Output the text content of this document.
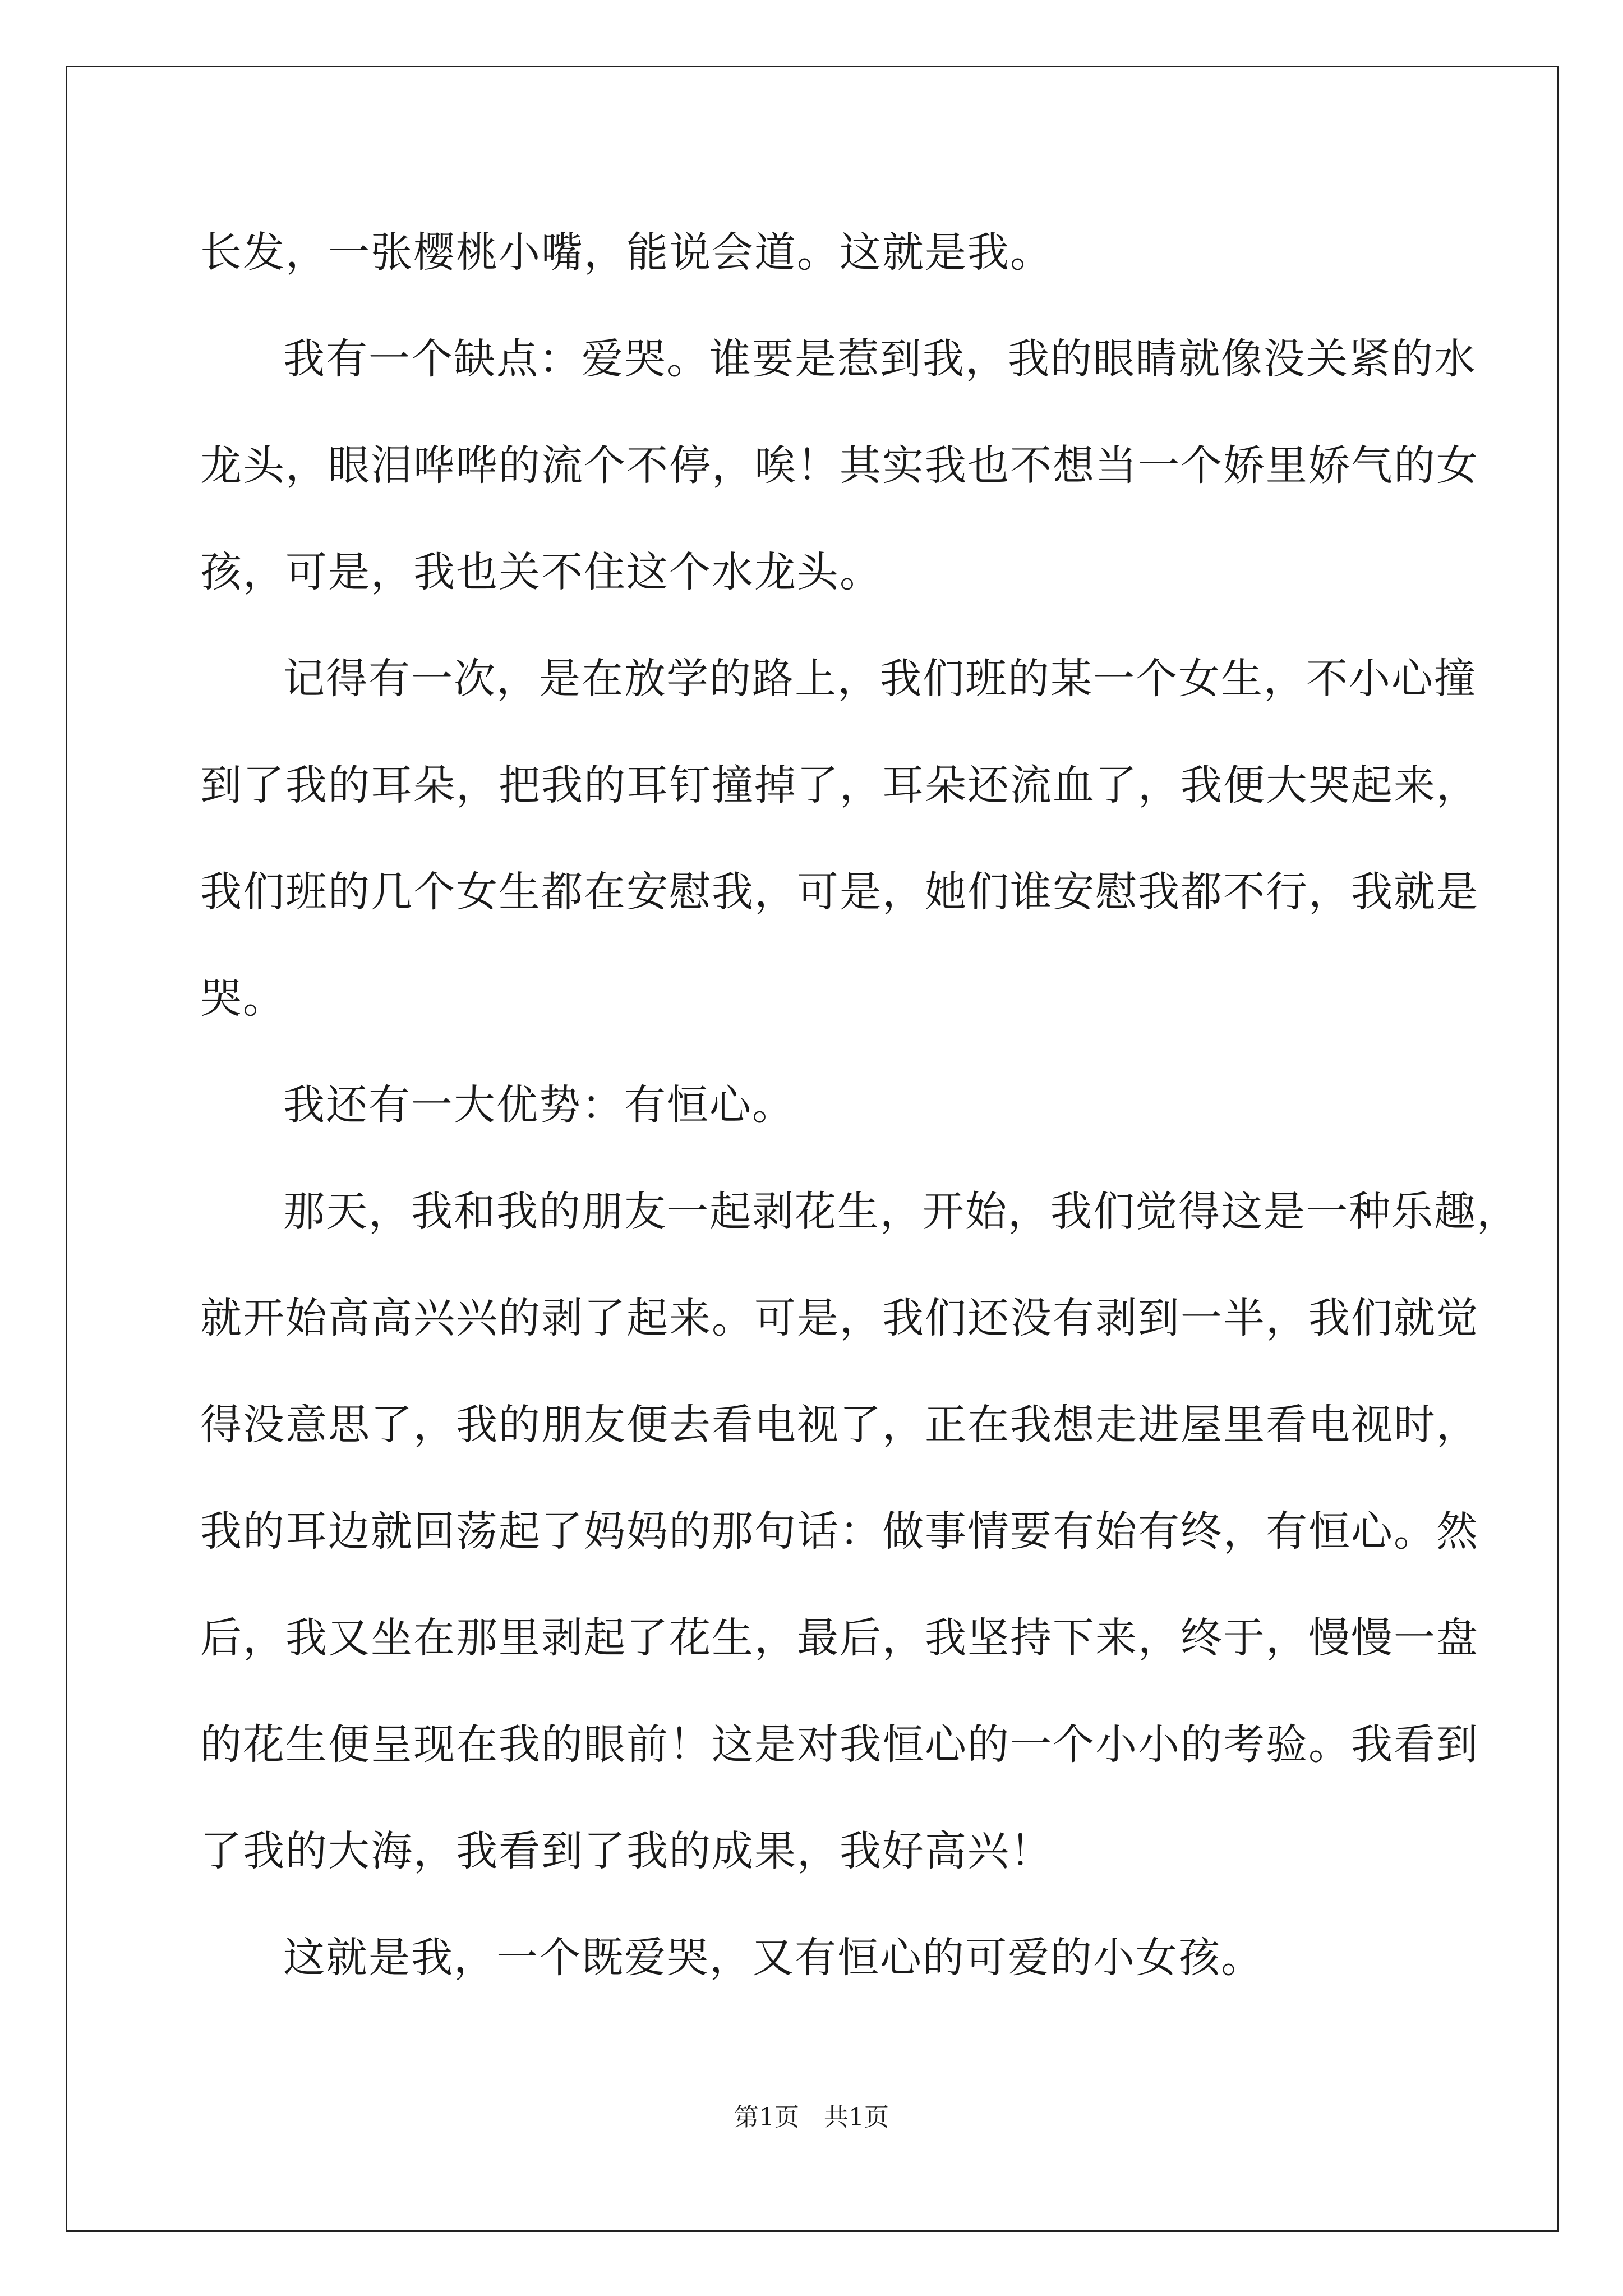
长发，一张樱桃小嘴，能说会道。这就是我。
我有一个缺点：爱哭。谁要是惹到我，我的眼睛就像没关紧的水
龙头，眼泪哗哗的流个不停，唉！其实我也不想当一个娇里娇气的女
孩，可是，我也关不住这个水龙头。
记得有一次，是在放学的路上，我们班的某一个女生，不小心撞
到了我的耳朵，把我的耳钉撞掉了，耳朵还流血了，我便大哭起来，
我们班的几个女生都在安慰我，可是，她们谁安慰我都不行，我就是
哭。
我还有一大优势：有恒心。
那天，我和我的朋友一起剥花生，开始，我们觉得这是一种乐趣，
就开始高高兴兴的剥了起来。可是，我们还没有剥到一半，我们就觉
得没意思了，我的朋友便去看电视了，正在我想走进屋里看电视时，
我的耳边就回荡起了妈妈的那句话：做事情要有始有终，有恒心。然
后，我又坐在那里剥起了花生，最后，我坚持下来，终于，慢慢一盘
的花生便呈现在我的眼前！这是对我恒心的一个小小的考验。我看到
了我的大海，我看到了我的成果，我好高兴！
这就是我，一个既爱哭，又有恒心的可爱的小女孩。
第1页 共1页
